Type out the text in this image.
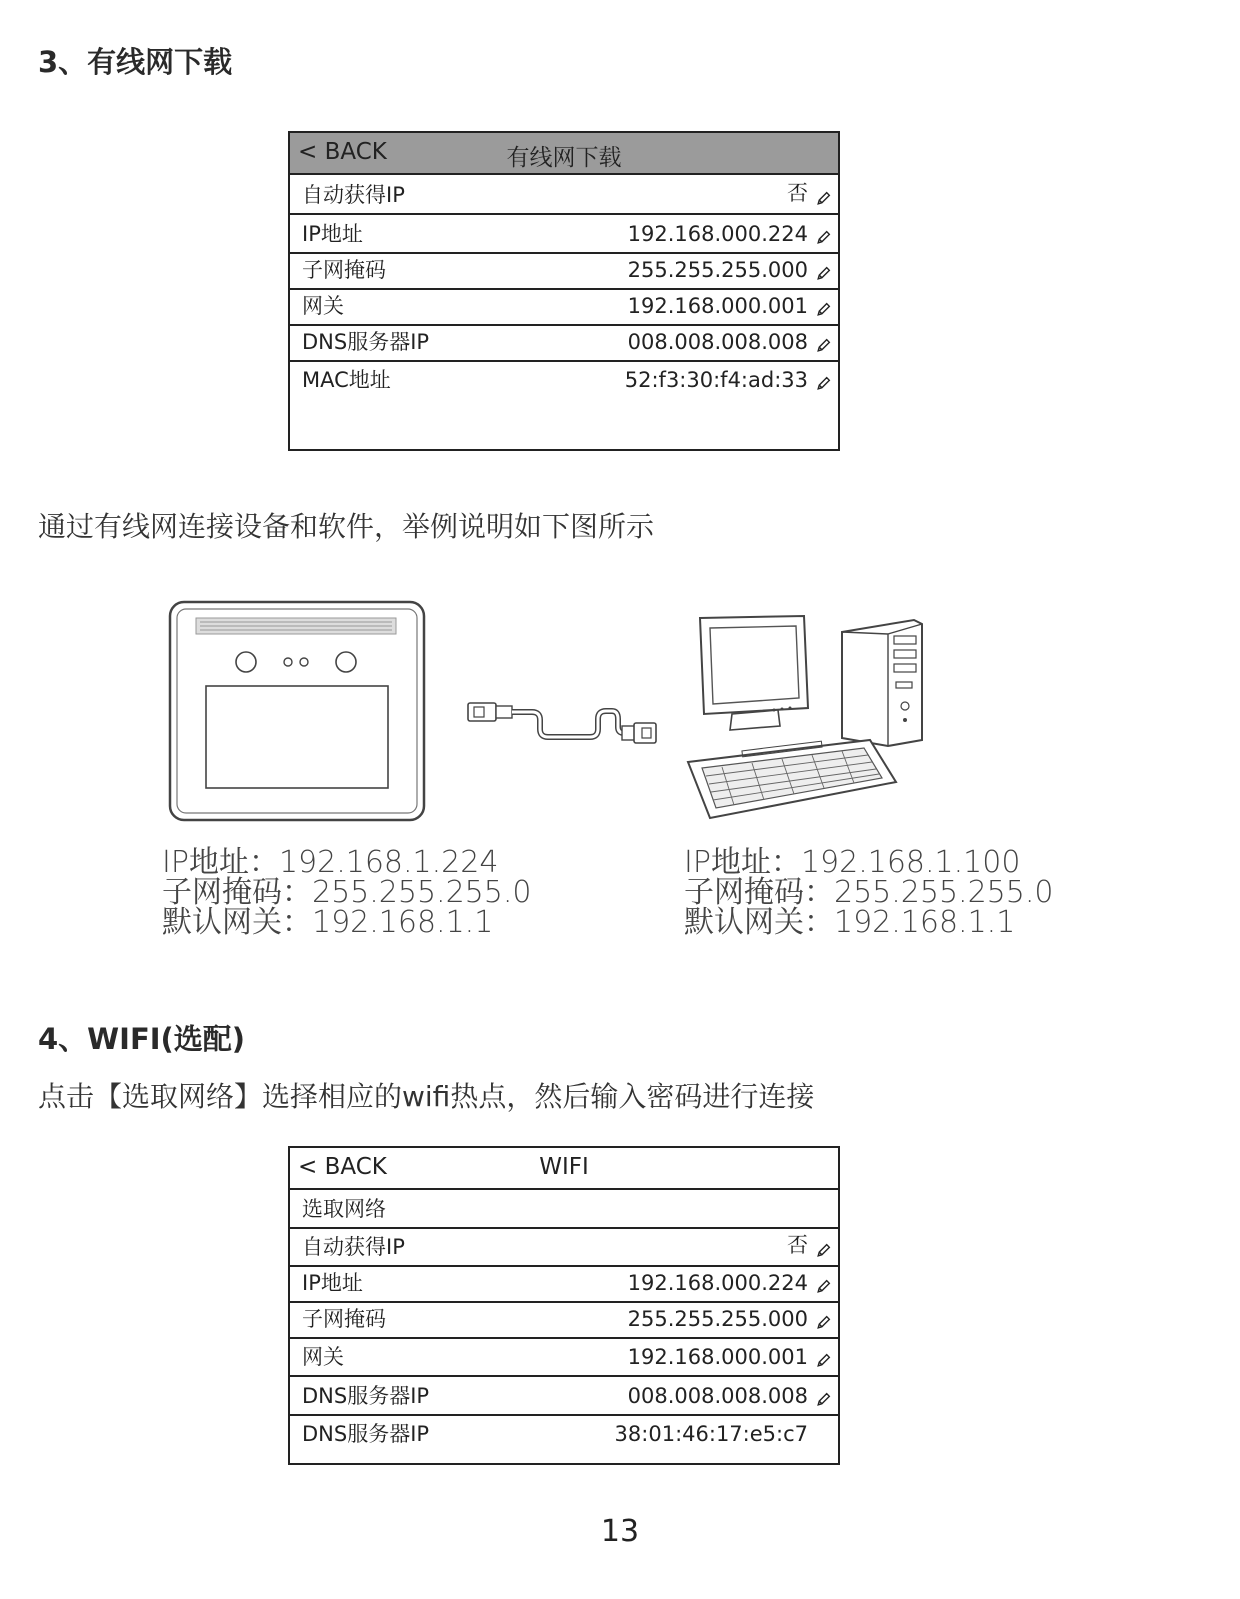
3、有线网下载
< BACK	有线网下载
自动获得IP	否
IP地址	192.168.000.224
子网掩码	255.255.255.000
网关	192.168.000.001
DNS服务器IP	008.008.008.008
MAC地址	52:f3:30:f4:ad:33
通过有线网连接设备和软件，举例说明如下图所示
IP地址：192.168.1.224
子网掩码：255.255.255.0
默认网关：192.168.1.1
IP地址：192.168.1.100
子网掩码：255.255.255.0
默认网关：192.168.1.1
4、WIFI(选配)
点击【选取网络】选择相应的wifi热点，然后输入密码进行连接
< BACK	WIFI
选取网络
自动获得IP	否
IP地址	192.168.000.224
子网掩码	255.255.255.000
网关	192.168.000.001
DNS服务器IP	008.008.008.008
DNS服务器IP	38:01:46:17:e5:c7
13
